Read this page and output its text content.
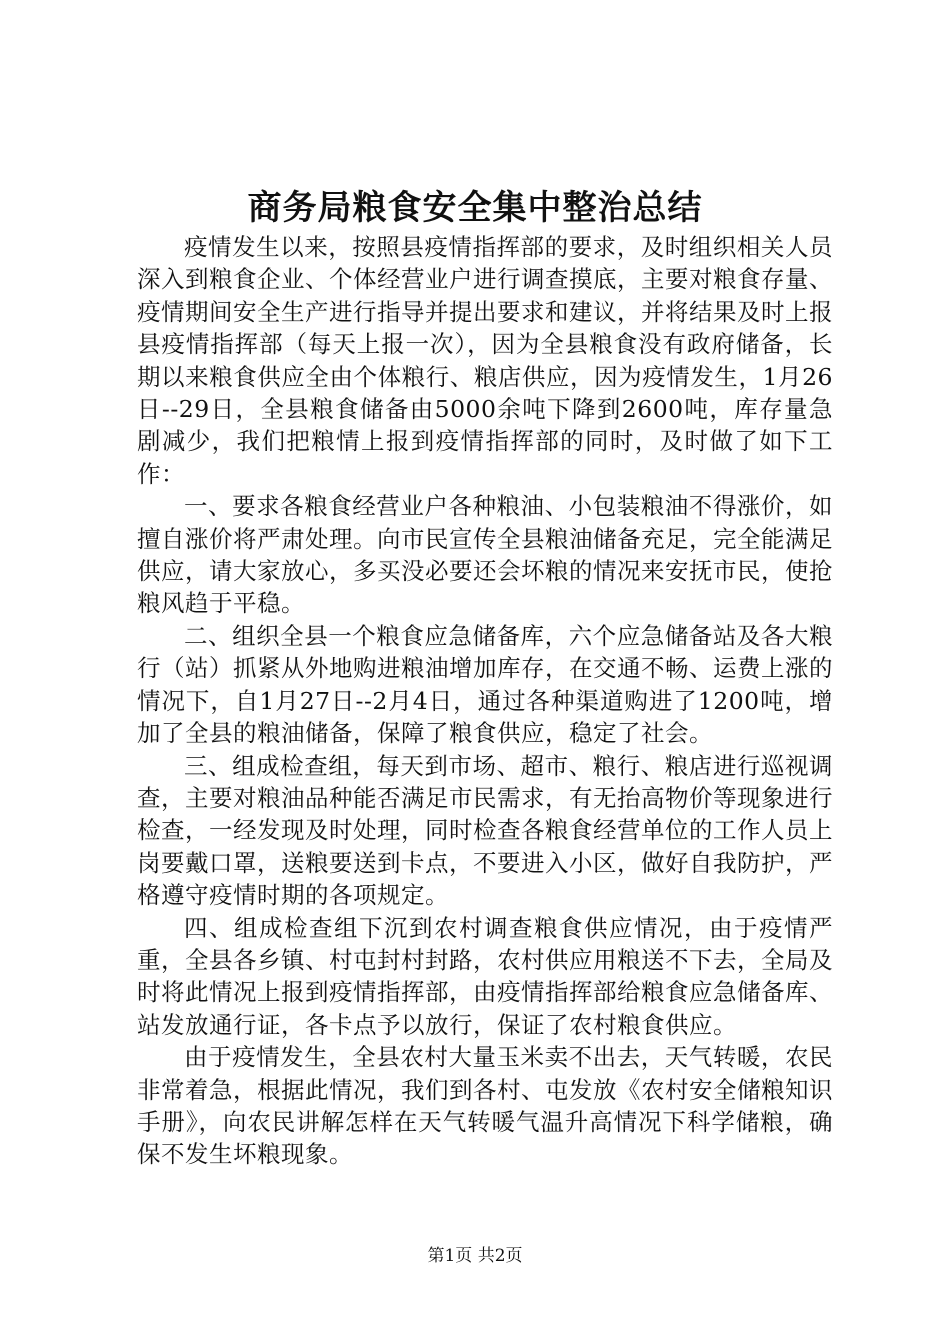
商务局粮食安全集中整治总结

疫情发生以来，按照县疫情指挥部的要求，及时组织相关人员深入到粮食企业、个体经营业户进行调查摸底，主要对粮食存量、疫情期间安全生产进行指导并提出要求和建议，并将结果及时上报县疫情指挥部（每天上报一次），因为全县粮食没有政府储备，长期以来粮食供应全由个体粮行、粮店供应，因为疫情发生，1月26日--29日，全县粮食储备由5000余吨下降到2600吨，库存量急剧减少，我们把粮情上报到疫情指挥部的同时，及时做了如下工作：

一、要求各粮食经营业户各种粮油、小包装粮油不得涨价，如擅自涨价将严肃处理。向市民宣传全县粮油储备充足，完全能满足供应，请大家放心，多买没必要还会坏粮的情况来安抚市民，使抢粮风趋于平稳。

二、组织全县一个粮食应急储备库，六个应急储备站及各大粮行（站）抓紧从外地购进粮油增加库存，在交通不畅、运费上涨的情况下，自1月27日--2月4日，通过各种渠道购进了1200吨，增加了全县的粮油储备，保障了粮食供应，稳定了社会。

三、组成检查组，每天到市场、超市、粮行、粮店进行巡视调查，主要对粮油品种能否满足市民需求，有无抬高物价等现象进行检查，一经发现及时处理，同时检查各粮食经营单位的工作人员上岗要戴口罩，送粮要送到卡点，不要进入小区，做好自我防护，严格遵守疫情时期的各项规定。

四、组成检查组下沉到农村调查粮食供应情况，由于疫情严重，全县各乡镇、村屯封村封路，农村供应用粮送不下去，全局及时将此情况上报到疫情指挥部，由疫情指挥部给粮食应急储备库、站发放通行证，各卡点予以放行，保证了农村粮食供应。

由于疫情发生，全县农村大量玉米卖不出去，天气转暖，农民非常着急，根据此情况，我们到各村、屯发放《农村安全储粮知识手册》，向农民讲解怎样在天气转暖气温升高情况下科学储粮，确保不发生坏粮现象。

第1页 共2页
